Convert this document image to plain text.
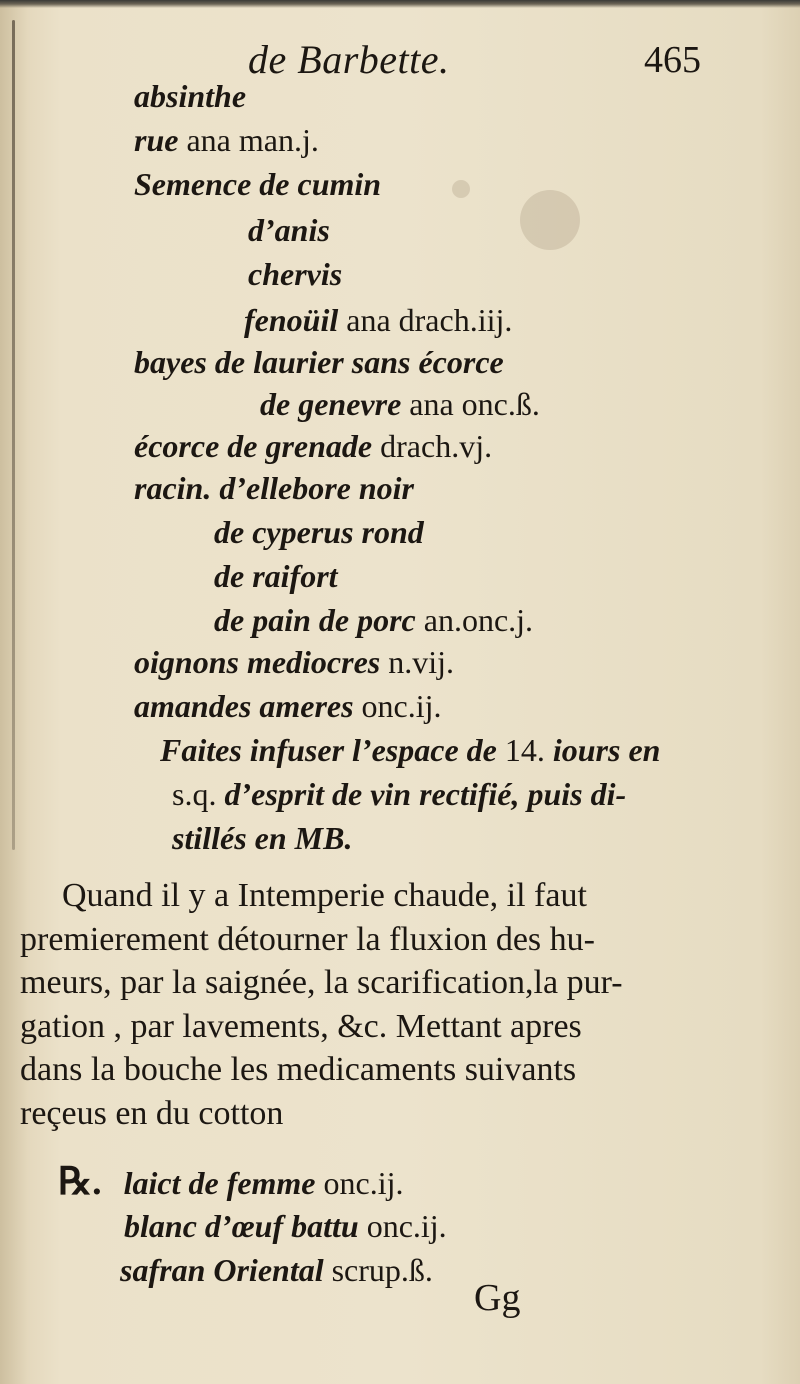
de Barbette.	465
absinthe
rue ana man.j.
Semence de cumin
d’anis
chervis
fenoüil ana drach.iij.
bayes de laurier sans écorce
de genevre ana onc.ß.
écorce de grenade drach.vj.
racin. d’ellebore noir
de cyperus rond
de raifort
de pain de porc an.onc.j.
oignons mediocres n.vij.
amandes ameres onc.ij.
Faites infuser l’espace de 14. iours en
s.q. d’esprit de vin rectifié, puis di-
stillés en MB.
Quand il y a Intemperie chaude, il faut
premierement détourner la fluxion des hu-
meurs, par la saignée, la scarification,la pur-
gation , par lavements, &c. Mettant apres
dans la bouche les medicaments suivants
reçeus en du cotton
℞. laict de femme onc.ij.
blanc d’œuf battu onc.ij.
safran Oriental scrup.ß.
Gg
